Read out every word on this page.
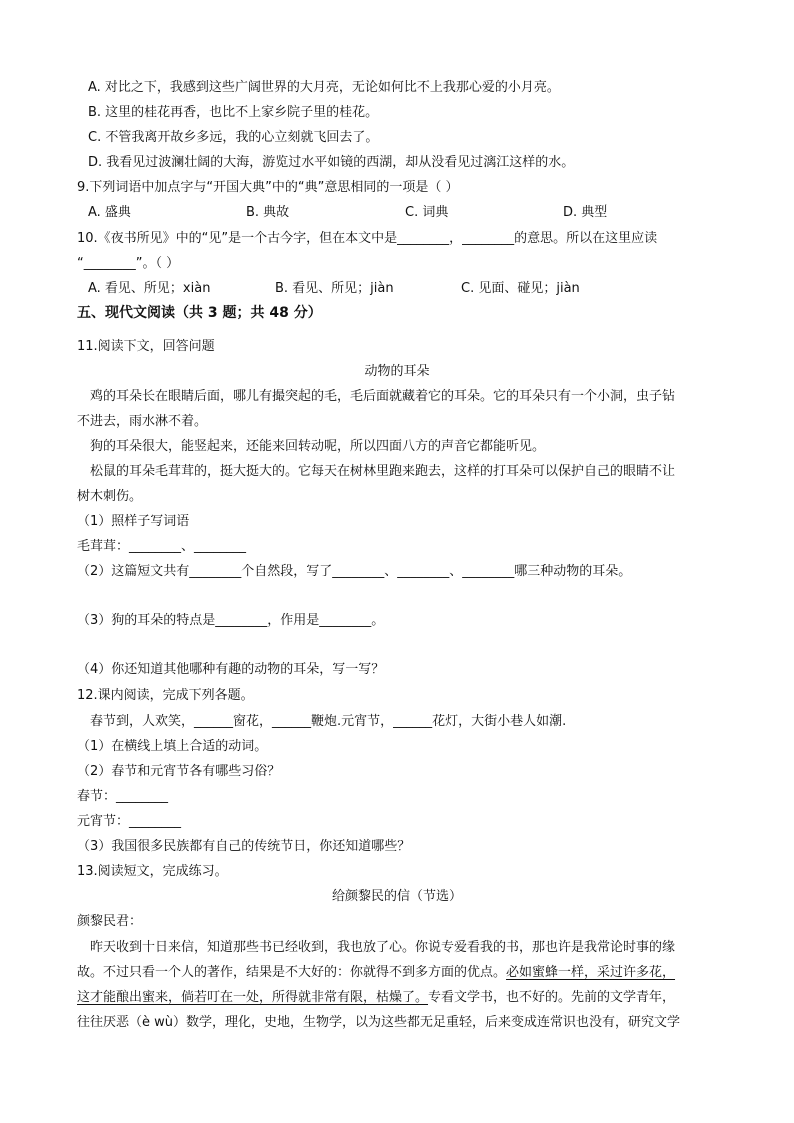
A. 对比之下，我感到这些广阔世界的大月亮，无论如何比不上我那心爱的小月亮。
B. 这里的桂花再香，也比不上家乡院子里的桂花。
C. 不管我离开故乡多远，我的心立刻就飞回去了。
D. 我看见过波澜壮阔的大海，游览过水平如镜的西湖，却从没看见过漓江这样的水。
9.下列词语中加点字与“开国大典”中的“典”意思相同的一项是（ ）
A. 盛典	B. 典故	C. 词典	D. 典型
10.《夜书所见》中的“见”是一个古今字，但在本文中是________，________的意思。所以在这里应读
“________”。（ ）
A. 看见、所见；xiàn	B. 看见、所见；jiàn	C. 见面、碰见；jiàn
五、现代文阅读（共 3 题；共 48 分）
11.阅读下文，回答问题
动物的耳朵
鸡的耳朵长在眼睛后面，哪儿有撮突起的毛，毛后面就藏着它的耳朵。它的耳朵只有一个小洞，虫子钻
不进去，雨水淋不着。
狗的耳朵很大，能竖起来，还能来回转动呢，所以四面八方的声音它都能听见。
松鼠的耳朵毛茸茸的，挺大挺大的。它每天在树林里跑来跑去，这样的打耳朵可以保护自己的眼睛不让
树木刺伤。
（1）照样子写词语
毛茸茸：________、________
（2）这篇短文共有________个自然段，写了________、________、________哪三种动物的耳朵。
（3）狗的耳朵的特点是________，作用是________。
（4）你还知道其他哪种有趣的动物的耳朵，写一写？
12.课内阅读，完成下列各题。
春节到，人欢笑，______窗花，______鞭炮.元宵节，______花灯，大街小巷人如潮.
（1）在横线上填上合适的动词。
（2）春节和元宵节各有哪些习俗？
春节：________
元宵节：________
（3）我国很多民族都有自己的传统节日，你还知道哪些？
13.阅读短文，完成练习。
给颜黎民的信（节选）
颜黎民君：
昨天收到十日来信，知道那些书已经收到，我也放了心。你说专爱看我的书，那也许是我常论时事的缘
故。不过只看一个人的著作，结果是不大好的：你就得不到多方面的优点。必如蜜蜂一样，采过许多花，
这才能酿出蜜来，倘若叮在一处，所得就非常有限，枯燥了。专看文学书，也不好的。先前的文学青年，
往往厌恶（è wù）数学，理化，史地，生物学，以为这些都无足重轻，后来变成连常识也没有，研究文学
